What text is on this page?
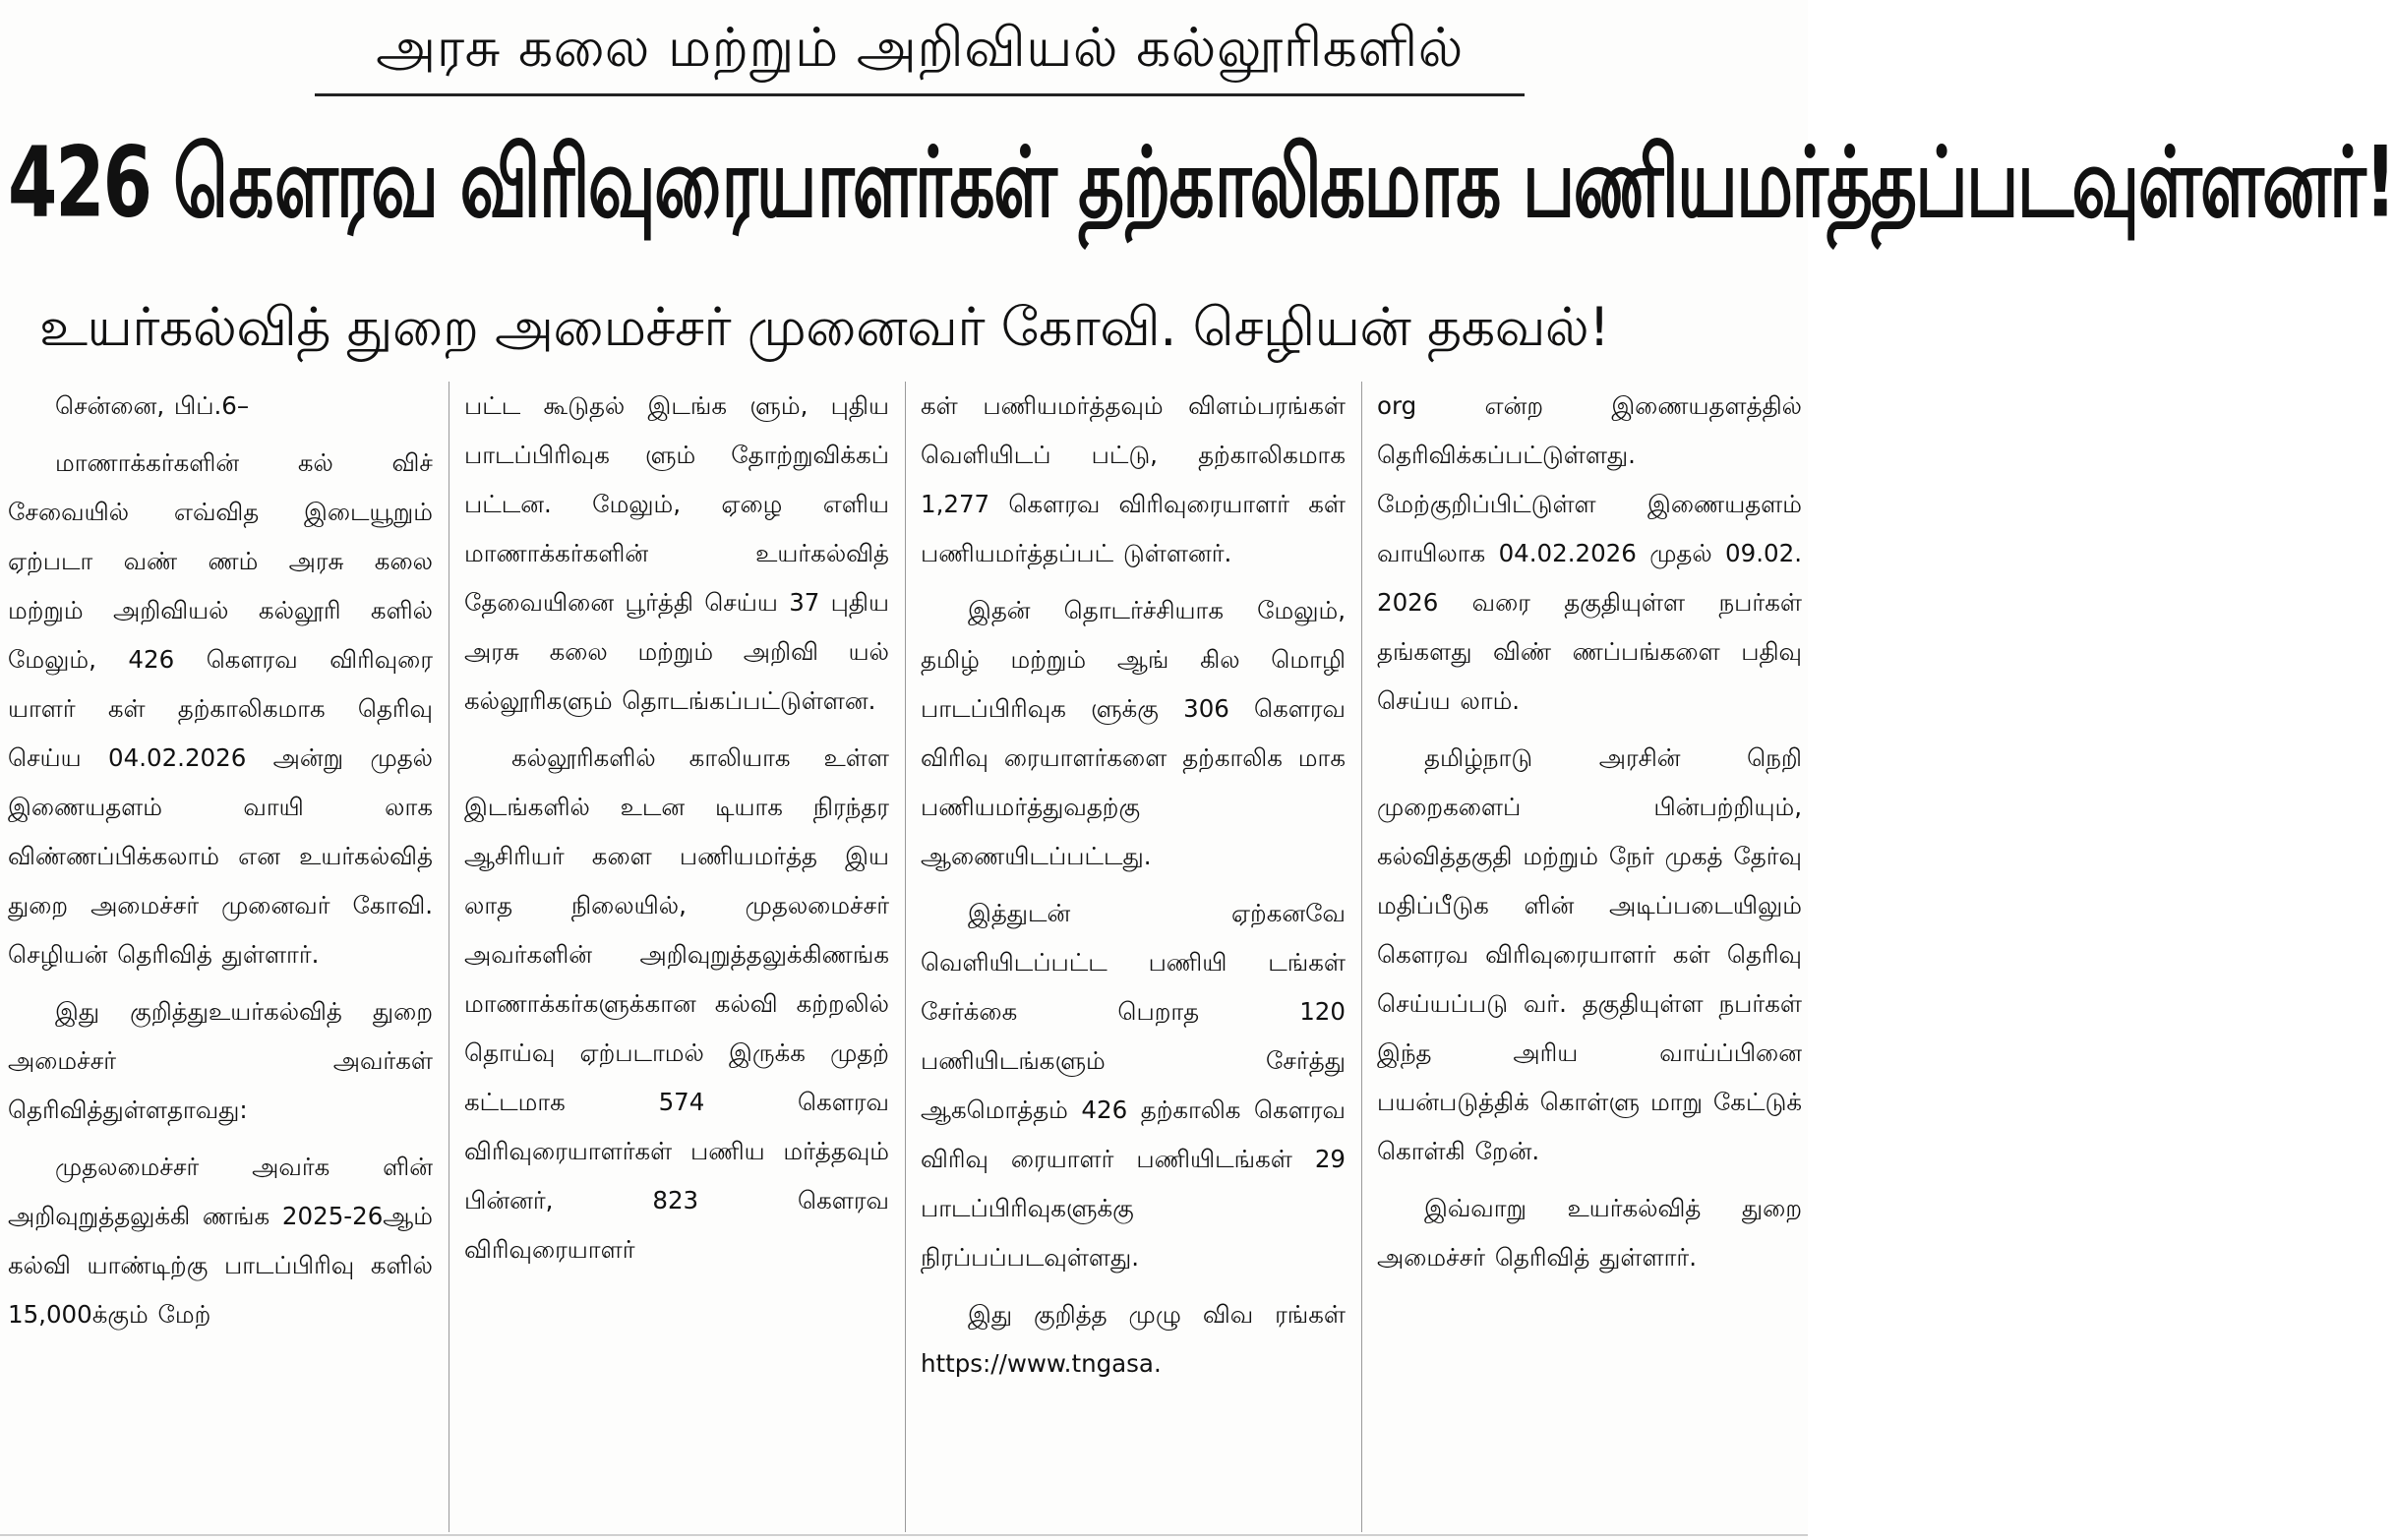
அரசு கலை மற்றும் அறிவியல் கல்லூரிகளில்
426 கௌரவ விரிவுரையாளர்கள் தற்காலிகமாக பணியமர்த்தப்படவுள்ளனர்!
உயர்கல்வித் துறை அமைச்சர் முனைவர் கோவி. செழியன் தகவல்!

சென்னை, பிப்.6–

மாணாக்கர்களின் கல் விச் சேவையில் எவ்வித இடையூறும் ஏற்படா வண் ணம் அரசு கலை மற்றும் அறிவியல் கல்லூரி களில் மேலும், 426 கௌரவ விரிவுரை யாளர் கள் தற்காலிகமாக தெரிவு செய்ய 04.02.2026 அன்று முதல் இணையதளம் வாயி லாக விண்ணப்பிக்கலாம் என உயர்கல்வித் துறை அமைச்சர் முனைவர் கோவி. செழியன் தெரிவித் துள்ளார்.

இது குறித்துஉயர்கல்வித் துறை அமைச்சர் அவர்கள் தெரிவித்துள்ளதாவது:

முதலமைச்சர் அவர்க ளின் அறிவுறுத்தலுக்கி ணங்க 2025-26ஆம் கல்வி யாண்டிற்கு பாடப்பிரிவு களில் 15,000க்கும் மேற்

பட்ட கூடுதல் இடங்க ளும், புதிய பாடப்பிரிவுக ளும் தோற்றுவிக்கப் பட்டன. மேலும், ஏழை எளிய மாணாக்கர்களின் உயர்கல்வித் தேவையினை பூர்த்தி செய்ய 37 புதிய அரசு கலை மற்றும் அறிவி யல் கல்லூரிகளும் தொடங்கப்பட்டுள்ளன.

கல்லூரிகளில் காலியாக உள்ள இடங்களில் உடன டியாக நிரந்தர ஆசிரியர் களை பணியமர்த்த இய லாத நிலையில், முதலமைச்சர் அவர்களின் அறிவுறுத்தலுக்கிணங்க மாணாக்கர்களுக்கான கல்வி கற்றலில் தொய்வு ஏற்படாமல் இருக்க முதற் கட்டமாக 574 கௌரவ விரிவுரையாளர்கள் பணிய மர்த்தவும் பின்னர், 823 கௌரவ விரிவுரையாளர்

கள் பணியமர்த்தவும் விளம்பரங்கள் வெளியிடப் பட்டு, தற்காலிகமாக 1,277 கௌரவ விரிவுரையாளர் கள் பணியமர்த்தப்பட் டுள்ளனர்.

இதன் தொடர்ச்சியாக மேலும், தமிழ் மற்றும் ஆங் கில மொழி பாடப்பிரிவுக ளுக்கு 306 கௌரவ விரிவு ரையாளர்களை தற்காலிக மாக பணியமர்த்துவதற்கு ஆணையிடப்பட்டது.

இத்துடன் ஏற்கனவே வெளியிடப்பட்ட பணியி டங்கள் சேர்க்கை பெறாத 120 பணியிடங்களும் சேர்த்து ஆகமொத்தம் 426 தற்காலிக கௌரவ விரிவு ரையாளர் பணியிடங்கள் 29 பாடப்பிரிவுகளுக்கு நிரப்பப்படவுள்ளது.

இது குறித்த முழு விவ ரங்கள் https://www.tngasa.

org என்ற இணையதளத்தில் தெரிவிக்கப்பட்டுள்ளது. மேற்குறிப்பிட்டுள்ள இணையதளம் வாயிலாக 04.02.2026 முதல் 09.02. 2026 வரை தகுதியுள்ள நபர்கள் தங்களது விண் ணப்பங்களை பதிவு செய்ய லாம்.

தமிழ்நாடு அரசின் நெறி முறைகளைப் பின்பற்றியும், கல்வித்தகுதி மற்றும் நேர் முகத் தேர்வு மதிப்பீடுக ளின் அடிப்படையிலும் கௌரவ விரிவுரையாளர் கள் தெரிவு செய்யப்படு வர். தகுதியுள்ள நபர்கள் இந்த அரிய வாய்ப்பினை பயன்படுத்திக் கொள்ளு மாறு கேட்டுக் கொள்கி றேன்.

இவ்வாறு உயர்கல்வித் துறை அமைச்சர் தெரிவித் துள்ளார்.
